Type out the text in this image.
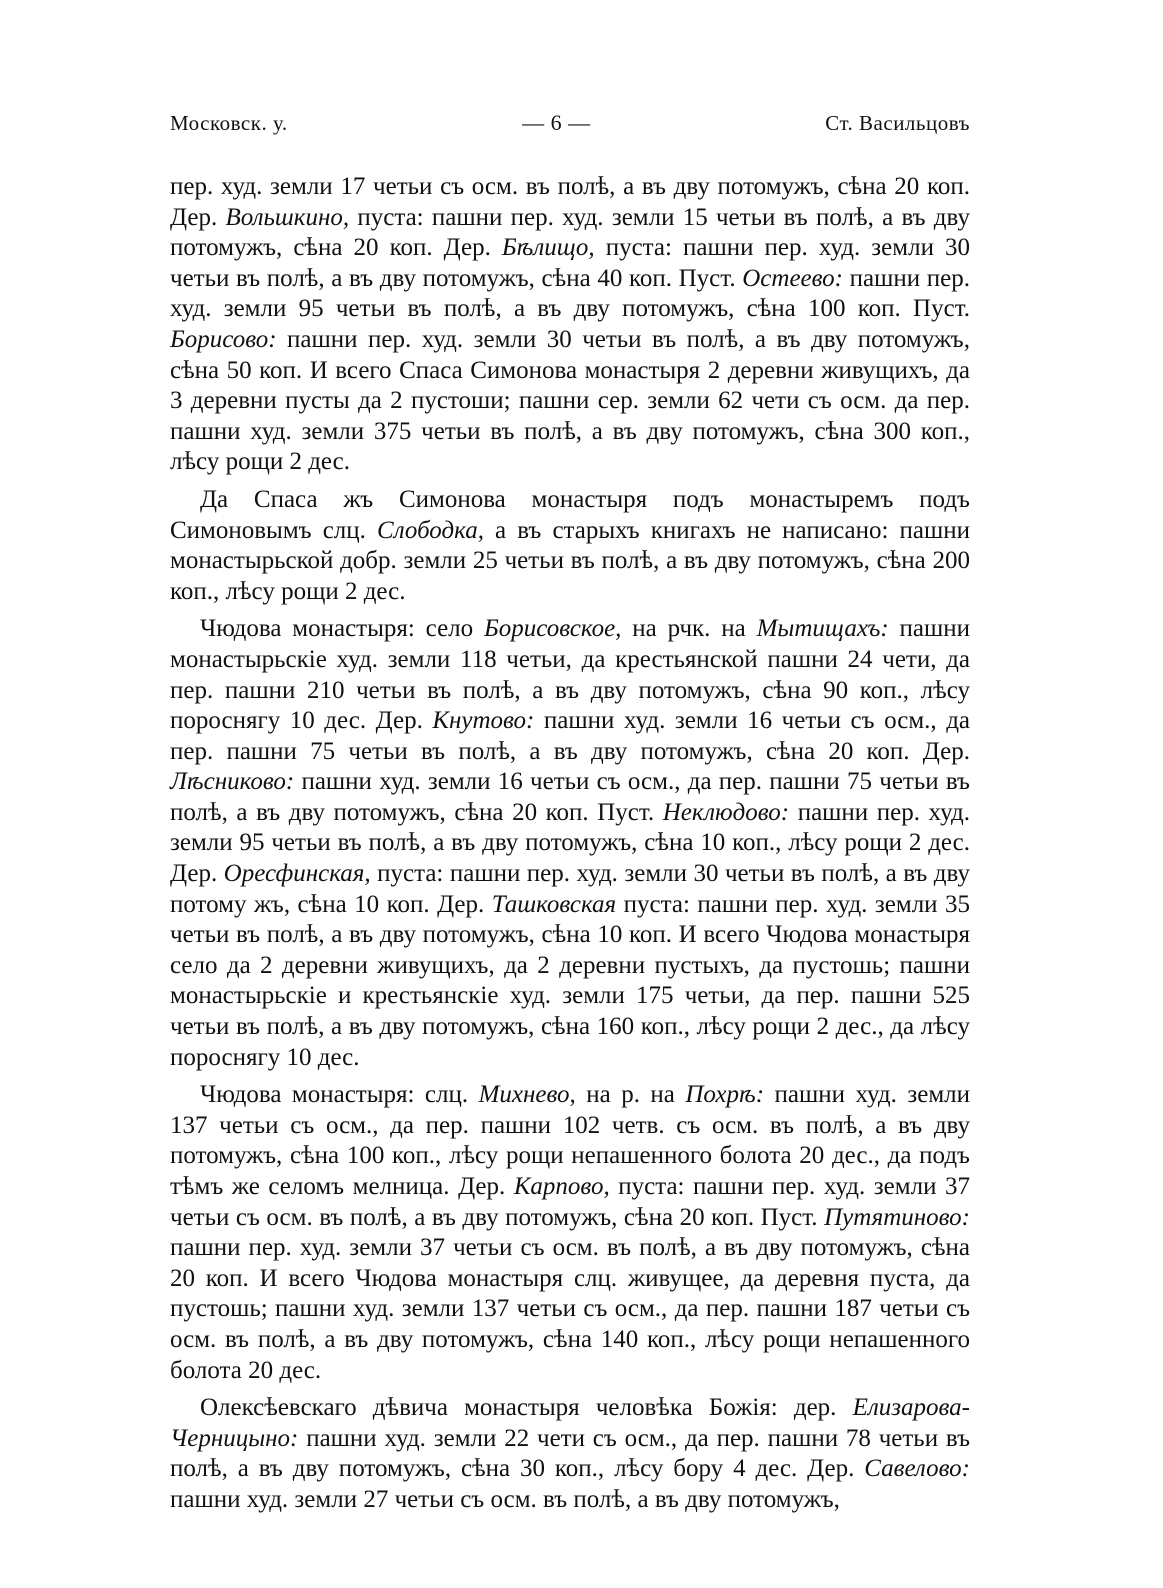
Московск. у.	— 6 —	Ст. Васильцовъ

пер. худ. земли 17 четьи съ осм. въ полѣ, а въ дву потомужъ, сѣна 20 коп. Дер. Вольшкино, пуста: пашни пер. худ. земли 15 четьи въ полѣ, а въ дву потомужъ, сѣна 20 коп. Дер. Бѣлищо, пуста: пашни пер. худ. земли 30 четьи въ полѣ, а въ дву потомужъ, сѣна 40 коп. Пуст. Остеево: пашни пер. худ. земли 95 четьи въ полѣ, а въ дву потомужъ, сѣна 100 коп. Пуст. Борисово: пашни пер. худ. земли 30 четьи въ полѣ, а въ дву потомужъ, сѣна 50 коп. И всего Спаса Симонова монастыря 2 деревни живущихъ, да 3 деревни пусты да 2 пустоши; пашни сер. земли 62 чети съ осм. да пер. пашни худ. земли 375 четьи въ полѣ, а въ дву потомужъ, сѣна 300 коп., лѣсу рощи 2 дес.

Да Спаса жъ Симонова монастыря подъ монастыремъ подъ Симоновымъ слц. Слободка, а въ старыхъ книгахъ не написано: пашни монастырьской добр. земли 25 четьи въ полѣ, а въ дву потомужъ, сѣна 200 коп., лѣсу рощи 2 дес.

Чюдова монастыря: село Борисовское, на рчк. на Мытищахъ: пашни монастырьскіе худ. земли 118 четьи, да крестьянской пашни 24 чети, да пер. пашни 210 четьи въ полѣ, а въ дву потомужъ, сѣна 90 коп., лѣсу пороснягу 10 дес. Дер. Кнутово: пашни худ. земли 16 четьи съ осм., да пер. пашни 75 четьи въ полѣ, а въ дву потомужъ, сѣна 20 коп. Дер. Лѣсниково: пашни худ. земли 16 четьи съ осм., да пер. пашни 75 четьи въ полѣ, а въ дву потомужъ, сѣна 20 коп. Пуст. Неклюдово: пашни пер. худ. земли 95 четьи въ полѣ, а въ дву потомужъ, сѣна 10 коп., лѣсу рощи 2 дес. Дер. Оресфинская, пуста: пашни пер. худ. земли 30 четьи въ полѣ, а въ дву потому жъ, сѣна 10 коп. Дер. Ташковская пуста: пашни пер. худ. земли 35 четьи въ полѣ, а въ дву потомужъ, сѣна 10 коп. И всего Чюдова монастыря село да 2 деревни живущихъ, да 2 деревни пустыхъ, да пустошь; пашни монастырьскіе и крестьянскіе худ. земли 175 четьи, да пер. пашни 525 четьи въ полѣ, а въ дву потомужъ, сѣна 160 коп., лѣсу рощи 2 дес., да лѣсу пороснягу 10 дес.

Чюдова монастыря: слц. Михнево, на р. на Похрѣ: пашни худ. земли 137 четьи съ осм., да пер. пашни 102 четв. съ осм. въ полѣ, а въ дву потомужъ, сѣна 100 коп., лѣсу рощи непашенного болота 20 дес., да подъ тѣмъ же селомъ мелница. Дер. Карпово, пуста: пашни пер. худ. земли 37 четьи съ осм. въ полѣ, а въ дву потомужъ, сѣна 20 коп. Пуст. Путятиново: пашни пер. худ. земли 37 четьи съ осм. въ полѣ, а въ дву потомужъ, сѣна 20 коп. И всего Чюдова монастыря слц. живущее, да деревня пуста, да пустошь; пашни худ. земли 137 четьи съ осм., да пер. пашни 187 четьи съ осм. въ полѣ, а въ дву потомужъ, сѣна 140 коп., лѣсу рощи непашенного болота 20 дес.

Олексѣевскаго дѣвича монастыря человѣка Божія: дер. Елизарова-Черницыно: пашни худ. земли 22 чети съ осм., да пер. пашни 78 четьи въ полѣ, а въ дву потомужъ, сѣна 30 коп., лѣсу бору 4 дес. Дер. Савелово: пашни худ. земли 27 четьи съ осм. въ полѣ, а въ дву потомужъ,
